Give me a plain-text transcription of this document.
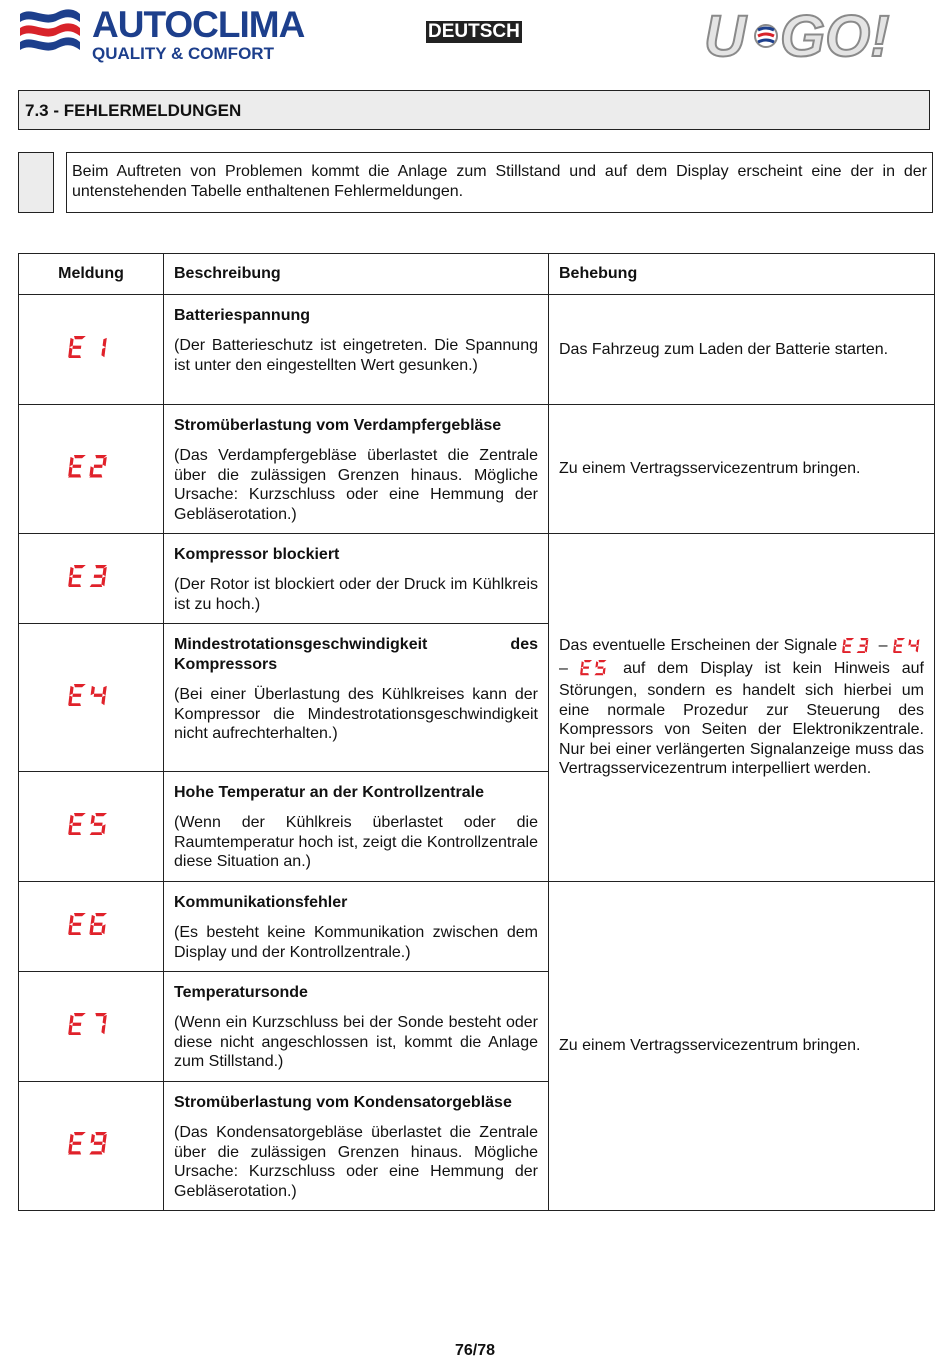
AUTOCLIMA
QUALITY & COMFORT
DEUTSCH	U GO!
7.3 - FEHLERMELDUNGEN
Beim Auftreten von Problemen kommt die Anlage zum Stillstand und auf dem Display erscheint eine der in der untenstehenden Tabelle enthaltenen Fehlermeldungen.
Meldung	Beschreibung	Behebung

Batteriespannung
(Der Batterieschutz ist eingetreten. Die Spannung ist unter den eingestellten Wert gesunken.)	Das Fahrzeug zum Laden der Batterie starten.

Stromüberlastung vom Verdampfergebläse
(Das Verdampfergebläse überlastet die Zentrale über die zulässigen Grenzen hinaus. Mögliche Ursache: Kurzschluss oder eine Hemmung der Gebläserotation.)	Zu einem Vertragsservicezentrum bringen.

Kompressor blockiert
(Der Rotor ist blockiert oder der Druck im Kühlkreis ist zu hoch.)	Das eventuelle Erscheinen der Signale –  – auf dem Display ist kein Hinweis auf Störungen, sondern es handelt sich hierbei um eine normale Prozedur zur Steuerung des Kompressors von Seiten der Elektronikzentrale. Nur bei einer verlängerten Signalanzeige muss das Vertragsservicezentrum interpelliert werden.

Mindestrotationsgeschwindigkeit des Kompressors
(Bei einer Überlastung des Kühlkreises kann der Kompressor die Mindestrotationsgeschwindigkeit nicht aufrechterhalten.)	

Hohe Temperatur an der Kontrollzentrale
(Wenn der Kühlkreis überlastet oder die Raumtemperatur hoch ist, zeigt die Kontrollzentrale diese Situation an.)	

Kommunikationsfehler
(Es besteht keine Kommunikation zwischen dem Display und der Kontrollzentrale.)	Zu einem Vertragsservicezentrum bringen.

Temperatursonde
(Wenn ein Kurzschluss bei der Sonde besteht oder diese nicht angeschlossen ist, kommt die Anlage zum Stillstand.)	

Stromüberlastung vom Kondensatorgebläse
(Das Kondensatorgebläse überlastet die Zentrale über die zulässigen Grenzen hinaus. Mögliche Ursache: Kurzschluss oder eine Hemmung der Gebläserotation.)	
76/78
